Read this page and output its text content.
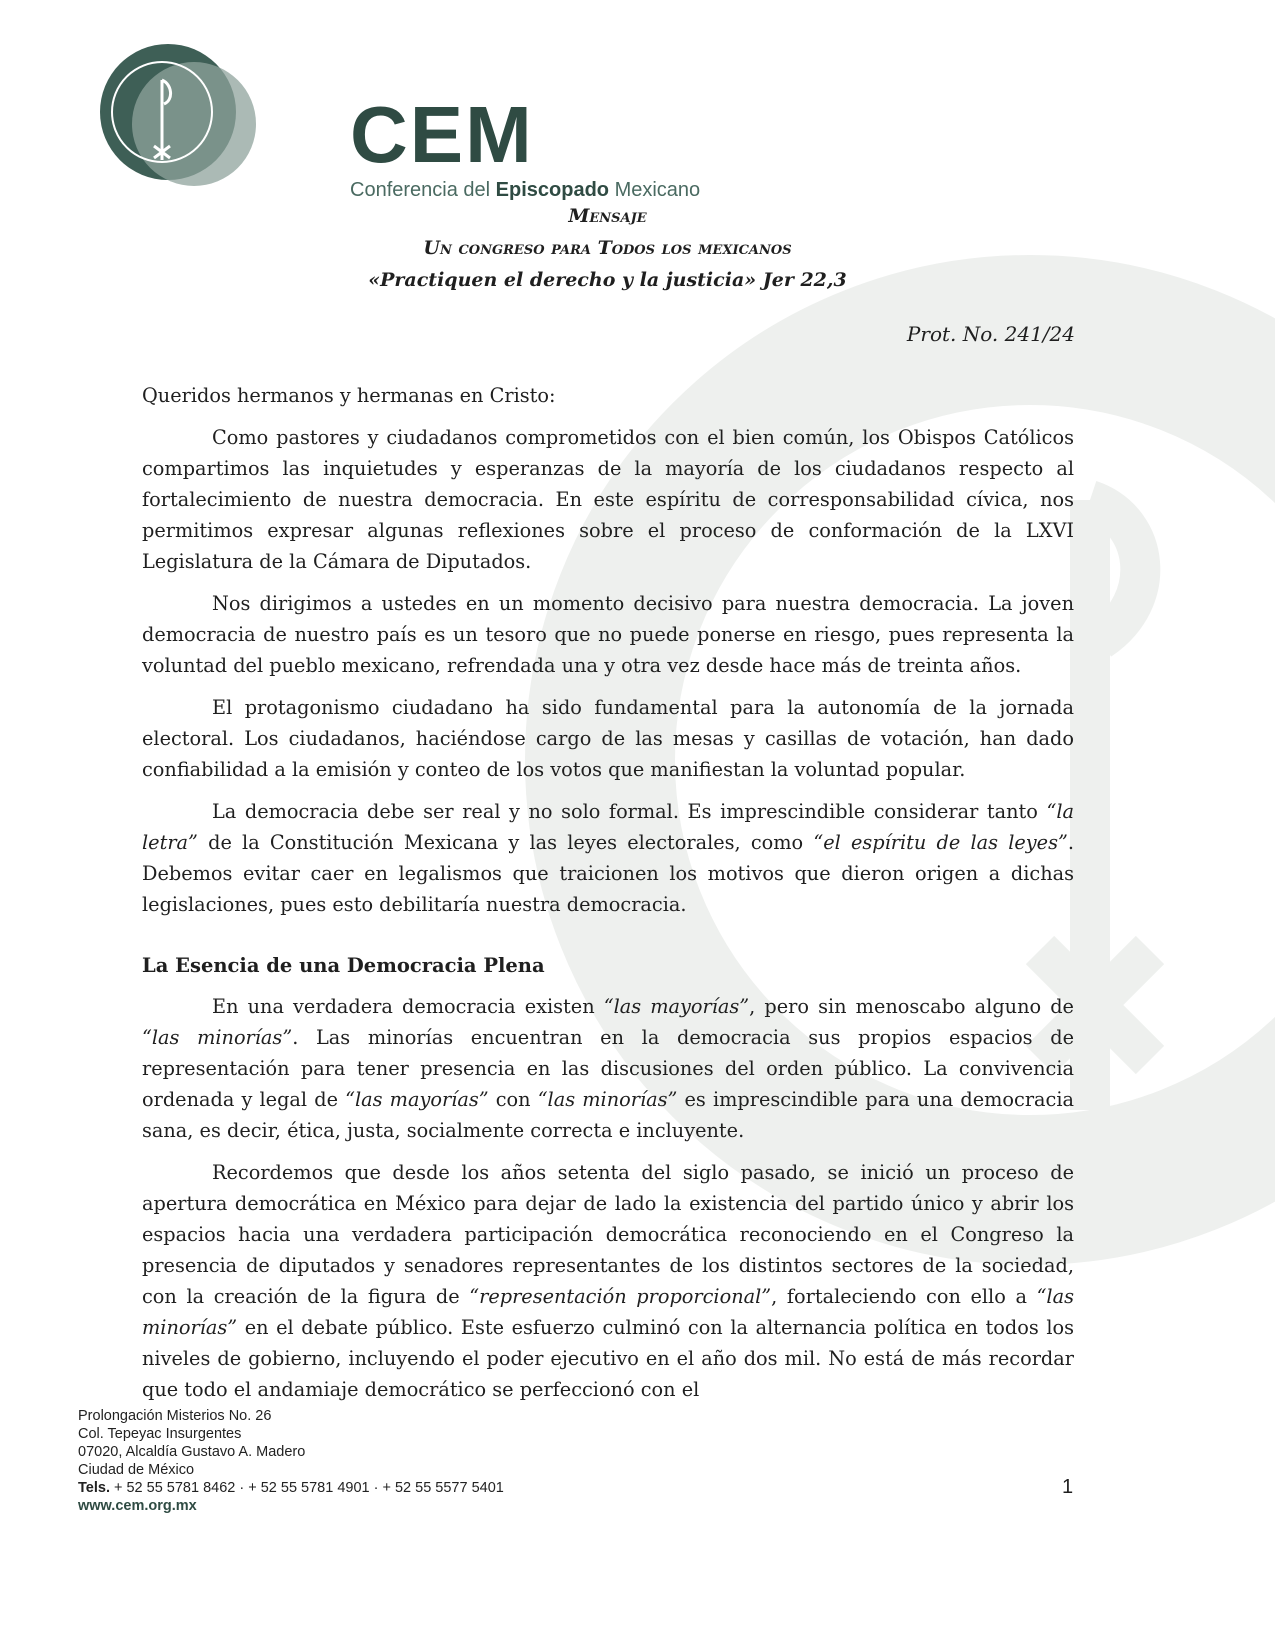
CEM
Conferencia del Episcopado Mexicano
Mensaje
Un congreso para Todos los mexicanos
«Practiquen el derecho y la justicia» Jer 22,3
Prot. No. 241/24

Queridos hermanos y hermanas en Cristo:

Como pastores y ciudadanos comprometidos con el bien común, los Obispos Católicos compartimos las inquietudes y esperanzas de la mayoría de los ciudadanos respecto al fortalecimiento de nuestra democracia. En este espíritu de corresponsabilidad cívica, nos permitimos expresar algunas reflexiones sobre el proceso de conformación de la LXVI Legislatura de la Cámara de Diputados.

Nos dirigimos a ustedes en un momento decisivo para nuestra democracia. La joven democracia de nuestro país es un tesoro que no puede ponerse en riesgo, pues representa la voluntad del pueblo mexicano, refrendada una y otra vez desde hace más de treinta años.

El protagonismo ciudadano ha sido fundamental para la autonomía de la jornada electoral. Los ciudadanos, haciéndose cargo de las mesas y casillas de votación, han dado confiabilidad a la emisión y conteo de los votos que manifiestan la voluntad popular.

La democracia debe ser real y no solo formal. Es imprescindible considerar tanto “la letra” de la Constitución Mexicana y las leyes electorales, como “el espíritu de las leyes”. Debemos evitar caer en legalismos que traicionen los motivos que dieron origen a dichas legislaciones, pues esto debilitaría nuestra democracia.

La Esencia de una Democracia Plena

En una verdadera democracia existen “las mayorías”, pero sin menoscabo alguno de “las minorías”. Las minorías encuentran en la democracia sus propios espacios de representación para tener presencia en las discusiones del orden público. La convivencia ordenada y legal de “las mayorías” con “las minorías” es imprescindible para una democracia sana, es decir, ética, justa, socialmente correcta e incluyente.

Recordemos que desde los años setenta del siglo pasado, se inició un proceso de apertura democrática en México para dejar de lado la existencia del partido único y abrir los espacios hacia una verdadera participación democrática reconociendo en el Congreso la presencia de diputados y senadores representantes de los distintos sectores de la sociedad, con la creación de la figura de “representación proporcional”, fortaleciendo con ello a “las minorías” en el debate público. Este esfuerzo culminó con la alternancia política en todos los niveles de gobierno, incluyendo el poder ejecutivo en el año dos mil. No está de más recordar que todo el andamiaje democrático se perfeccionó con el

Prolongación Misterios No. 26
Col. Tepeyac Insurgentes
07020, Alcaldía Gustavo A. Madero
Ciudad de México
Tels. + 52 55 5781 8462 · + 52 55 5781 4901 · + 52 55 5577 5401
www.cem.org.mx
1
